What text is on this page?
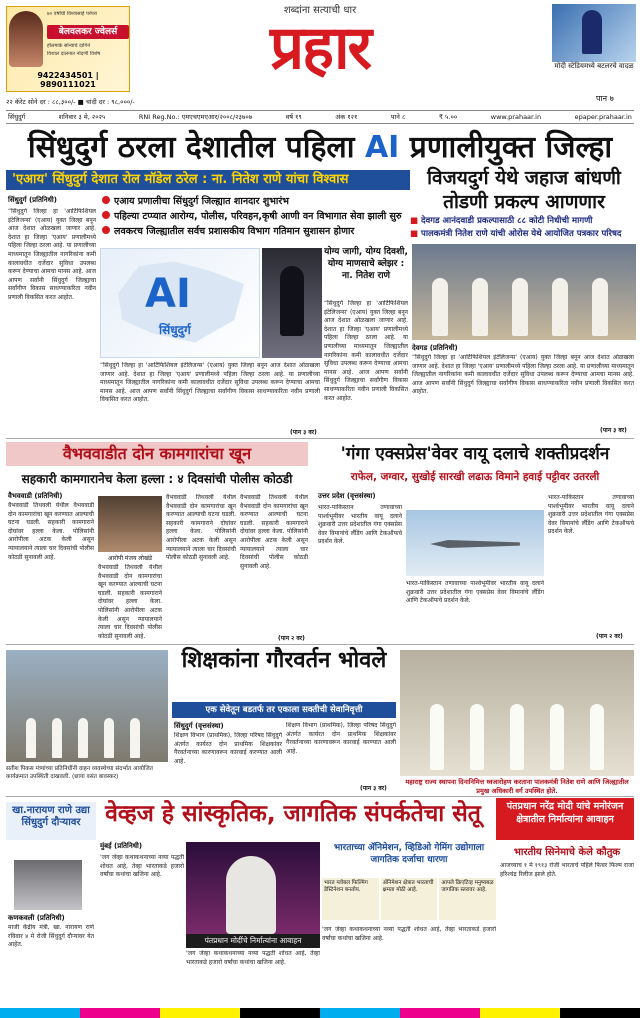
७० वर्षांची विश्वासार्ह परंपरा
बेलवलकर ज्वेलर्स
हॉलमार्क सोन्याचे दागिने
विशाल दालनात नोंदणी विशेष
9422434501 | 9890111021
२२ कॅरेट सोने दर : ८८,३००/- ■ चांदी दर : ९८,०००/-
शब्दांना सत्याची धार
प्रहार	मोदी स्टेडियमध्ये बटलरचे वादळ
पान ७
सिंधुदुर्ग	शनिवार ३ मे, २०२५	RNI Reg.No.: एमएचएमएआर/२००८/२३७०७	वर्ष १९	अंक १२१	पाने ८	₹ ५.००	www.prahaar.in	epaper.prahaar.in
सिंधुदुर्ग ठरला देशातील पहिला AI प्रणालीयुक्त जिल्हा
'एआय' सिंधुदुर्ग देशात रोल मॉडेल ठरेल : ना. नितेश राणे यांचा विश्वास
एआय प्रणालीचा सिंधुदुर्ग जिल्ह्यात शानदार शुभारंभ
पहिल्या टप्प्यात आरोग्य, पोलीस, परिवहन,कृषी आणी वन विभागात सेवा झाली सुरु
लवकरच जिल्ह्यातील सर्वच प्रशासकीय विभाग गतिमान सुशासन होणार
सिंधुदुर्ग (प्रतिनिधी)
“सिंधुदुर्ग जिल्हा हा 'आर्टिफिशियल इंटेलिजन्स' (एआय) युक्त जिल्हा बनून आज देशात ओळखला जाणार आहे. देशात हा जिल्हा 'एआय' प्रणालीमध्ये पहिला जिल्हा ठरला आहे. या प्रणालीच्या माध्यमातून जिल्ह्यातील नागरिकांना कमी कालावधीत दर्जेदार सुविधा उपलब्ध करून देण्याचा आमचा मानस आहे. आज आपण सर्वांनी सिंधुदुर्ग जिल्ह्याचा सर्वांगीण विकास साधण्याकरिता नवीन प्रणाली विकसित करत आहोत.	AI
सिंधुदुर्ग
योग्य जागी, योग्य दिवशी, योग्य माणसाचे ब्लेझर : ना. नितेश राणे
“सिंधुदुर्ग जिल्हा हा 'आर्टिफिशियल इंटेलिजन्स' (एआय) युक्त जिल्हा बनून आज देशात ओळखला जाणार आहे. देशात हा जिल्हा 'एआय' प्रणालीमध्ये पहिला जिल्हा ठरला आहे. या प्रणालीच्या माध्यमातून जिल्ह्यातील नागरिकांना कमी कालावधीत दर्जेदार सुविधा उपलब्ध करून देण्याचा आमचा मानस आहे. आज आपण सर्वांनी सिंधुदुर्ग जिल्ह्याचा सर्वांगीण विकास साधण्याकरिता नवीन प्रणाली विकसित करत आहोत.
“सिंधुदुर्ग जिल्हा हा 'आर्टिफिशियल इंटेलिजन्स' (एआय) युक्त जिल्हा बनून आज देशात ओळखला जाणार आहे. देशात हा जिल्हा 'एआय' प्रणालीमध्ये पहिला जिल्हा ठरला आहे. या प्रणालीच्या माध्यमातून जिल्ह्यातील नागरिकांना कमी कालावधीत दर्जेदार सुविधा उपलब्ध करून देण्याचा आमचा मानस आहे. आज आपण सर्वांनी सिंधुदुर्ग जिल्ह्याचा सर्वांगीण विकास साधण्याकरिता नवीन प्रणाली विकसित करत आहोत.
(पान ३ वर)
विजयदुर्ग येथे जहाज बांधणी तोडणी प्रकल्प आणणार
■ देवगड आनंदवाडी प्रकल्पासाठी ८८ कोटी निधीची मागणी
■ पालकमंत्री नितेश राणे यांची ओरोस येथे आयोजित पत्रकार परिषद
देवगड (प्रतिनिधी)
“सिंधुदुर्ग जिल्हा हा 'आर्टिफिशियल इंटेलिजन्स' (एआय) युक्त जिल्हा बनून आज देशात ओळखला जाणार आहे. देशात हा जिल्हा 'एआय' प्रणालीमध्ये पहिला जिल्हा ठरला आहे. या प्रणालीच्या माध्यमातून जिल्ह्यातील नागरिकांना कमी कालावधीत दर्जेदार सुविधा उपलब्ध करून देण्याचा आमचा मानस आहे. आज आपण सर्वांनी सिंधुदुर्ग जिल्ह्याचा सर्वांगीण विकास साधण्याकरिता नवीन प्रणाली विकसित करत आहोत.
(पान ३ वर)
वैभववाडीत दोन कामगारांचा खून
सहकारी कामगारानेच केला हल्ला : ४ दिवसांची पोलीस कोठडी
वैभववाडी (प्रतिनिधी)
वैभववाडी तिथवली येथील वैभववाडी दोन कामगारांचा खून करण्यात आल्याची घटना घडली. सहकारी कामगाराने दोघांवर हल्ला केला. पोलिसांनी आरोपीला अटक केली असून न्यायालयाने त्याला चार दिवसांची पोलीस कोठडी सुनावली आहे.	आरोपी मंजय लोखंडे
वैभववाडी तिथवली येथील वैभववाडी दोन कामगारांचा खून करण्यात आल्याची घटना घडली. सहकारी कामगाराने दोघांवर हल्ला केला. पोलिसांनी आरोपीला अटक केली असून न्यायालयाने त्याला चार दिवसांची पोलीस कोठडी सुनावली आहे.
वैभववाडी तिथवली येथील वैभववाडी दोन कामगारांचा खून करण्यात आल्याची घटना घडली. सहकारी कामगाराने दोघांवर हल्ला केला. पोलिसांनी आरोपीला अटक केली असून न्यायालयाने त्याला चार दिवसांची पोलीस कोठडी सुनावली आहे.
वैभववाडी तिथवली येथील वैभववाडी दोन कामगारांचा खून करण्यात आल्याची घटना घडली. सहकारी कामगाराने दोघांवर हल्ला केला. पोलिसांनी आरोपीला अटक केली असून न्यायालयाने त्याला चार दिवसांची पोलीस कोठडी सुनावली आहे.
(पान २ वर)
'गंगा एक्सप्रेस'वेवर वायू दलाचे शक्तीप्रदर्शन
राफेल, जग्वार, सुखोई सारखी लढाऊ विमाने हवाई पट्टीवर उतरली
उत्तर प्रदेश (वृत्तसंस्था)
भारत-पाकिस्तान तणावाच्या पार्श्वभूमीवर भारतीय वायू दलाने शुक्रवारी उत्तर प्रदेशातील गंगा एक्सप्रेस वेवर विमानांचे लँडिंग आणि टेकऑफचे प्रदर्शन केले.
भारत-पाकिस्तान तणावाच्या पार्श्वभूमीवर भारतीय वायू दलाने शुक्रवारी उत्तर प्रदेशातील गंगा एक्सप्रेस वेवर विमानांचे लँडिंग आणि टेकऑफचे प्रदर्शन केले.
भारत-पाकिस्तान तणावाच्या पार्श्वभूमीवर भारतीय वायू दलाने शुक्रवारी उत्तर प्रदेशातील गंगा एक्सप्रेस वेवर विमानांचे लँडिंग आणि टेकऑफचे प्रदर्शन केले.
(पान २ वर)
सतीश पिकस मंत्र्यांच्या प्रतिनिधींनी वाहन व्यवस्थेच्या संदर्भात आयोजित कार्यक्रमात उपस्थिती दाखवली. (छाया वसंत बावस्कर)
शिक्षकांना गौरवर्तन भोवले
एक सेवेतून बडतर्फ तर एकाला सक्तीची सेवानिवृत्ती
सिंधुदुर्ग (वृत्तसंस्था)
शिक्षण विभाग (प्राथमिक), जिल्हा परिषद सिंधुदुर्ग अंतर्गत कार्यरत दोन प्राथमिक शिक्षकांवर गैरवर्तनाच्या कारणावरून कारवाई करण्यात आली आहे.
शिक्षण विभाग (प्राथमिक), जिल्हा परिषद सिंधुदुर्ग अंतर्गत कार्यरत दोन प्राथमिक शिक्षकांवर गैरवर्तनाच्या कारणावरून कारवाई करण्यात आली आहे.
(पान ३ वर)
महाराष्ट्र राज्य स्थापना दिनानिमित्त ध्वजारोहण करताना पालकमंत्री नितेश राणे आणि जिल्ह्यातील प्रमुख अधिकारी वर्ग उपस्थित होते.
खा.नारायण राणे उद्या सिंधुदुर्ग दौऱ्यावर	वेव्हज हे सांस्कृतिक, जागतिक संपर्कतेचा सेतू	पंतप्रधान नरेंद्र मोदी यांचे मनोरंजन क्षेत्रातील निर्मात्यांना आवाहन
कणकवली (प्रतिनिधी)
माजी केंद्रीय मंत्री, खा. नारायण राणे रविवार ४ मे रोजी सिंधुदुर्ग दौऱ्यावर येत आहेत.
मुंबई (प्रतिनिधी)
'जग जेव्हा कथाकथनाच्या नव्या पद्धती शोधत आहे, तेव्हा भारताकडे हजारो वर्षांचा कथांचा खजिना आहे.
पंतप्रधान मोदींचे निर्मात्यांना आवाहन
'जग जेव्हा कथाकथनाच्या नव्या पद्धती शोधत आहे, तेव्हा भारताकडे हजारो वर्षांचा कथांचा खजिना आहे.
भारताच्या ॲनिमेशन, व्हिडिओ गेमिंग उद्योगाला जागतिक दर्जाचा धारणा
भारत ग्लोबल फिल्मिंग डेस्टिनेशन बनतोय.
ॲनिमेशन क्षेत्रात भारताची क्षमता मोठी आहे.
आपले क्रिएटिव्ह मनुष्यबळ जागतिक स्तरावर आहे.
'जग जेव्हा कथाकथनाच्या नव्या पद्धती शोधत आहे, तेव्हा भारताकडे हजारो वर्षांचा कथांचा खजिना आहे.
भारतीय सिनेमाचे केले कौतुक
आजच्याच १ मे १९१३ रोजी भारताचे पहिले फिचर फिल्म राजा हरिश्चंद्र रिलीज झाले होते.
